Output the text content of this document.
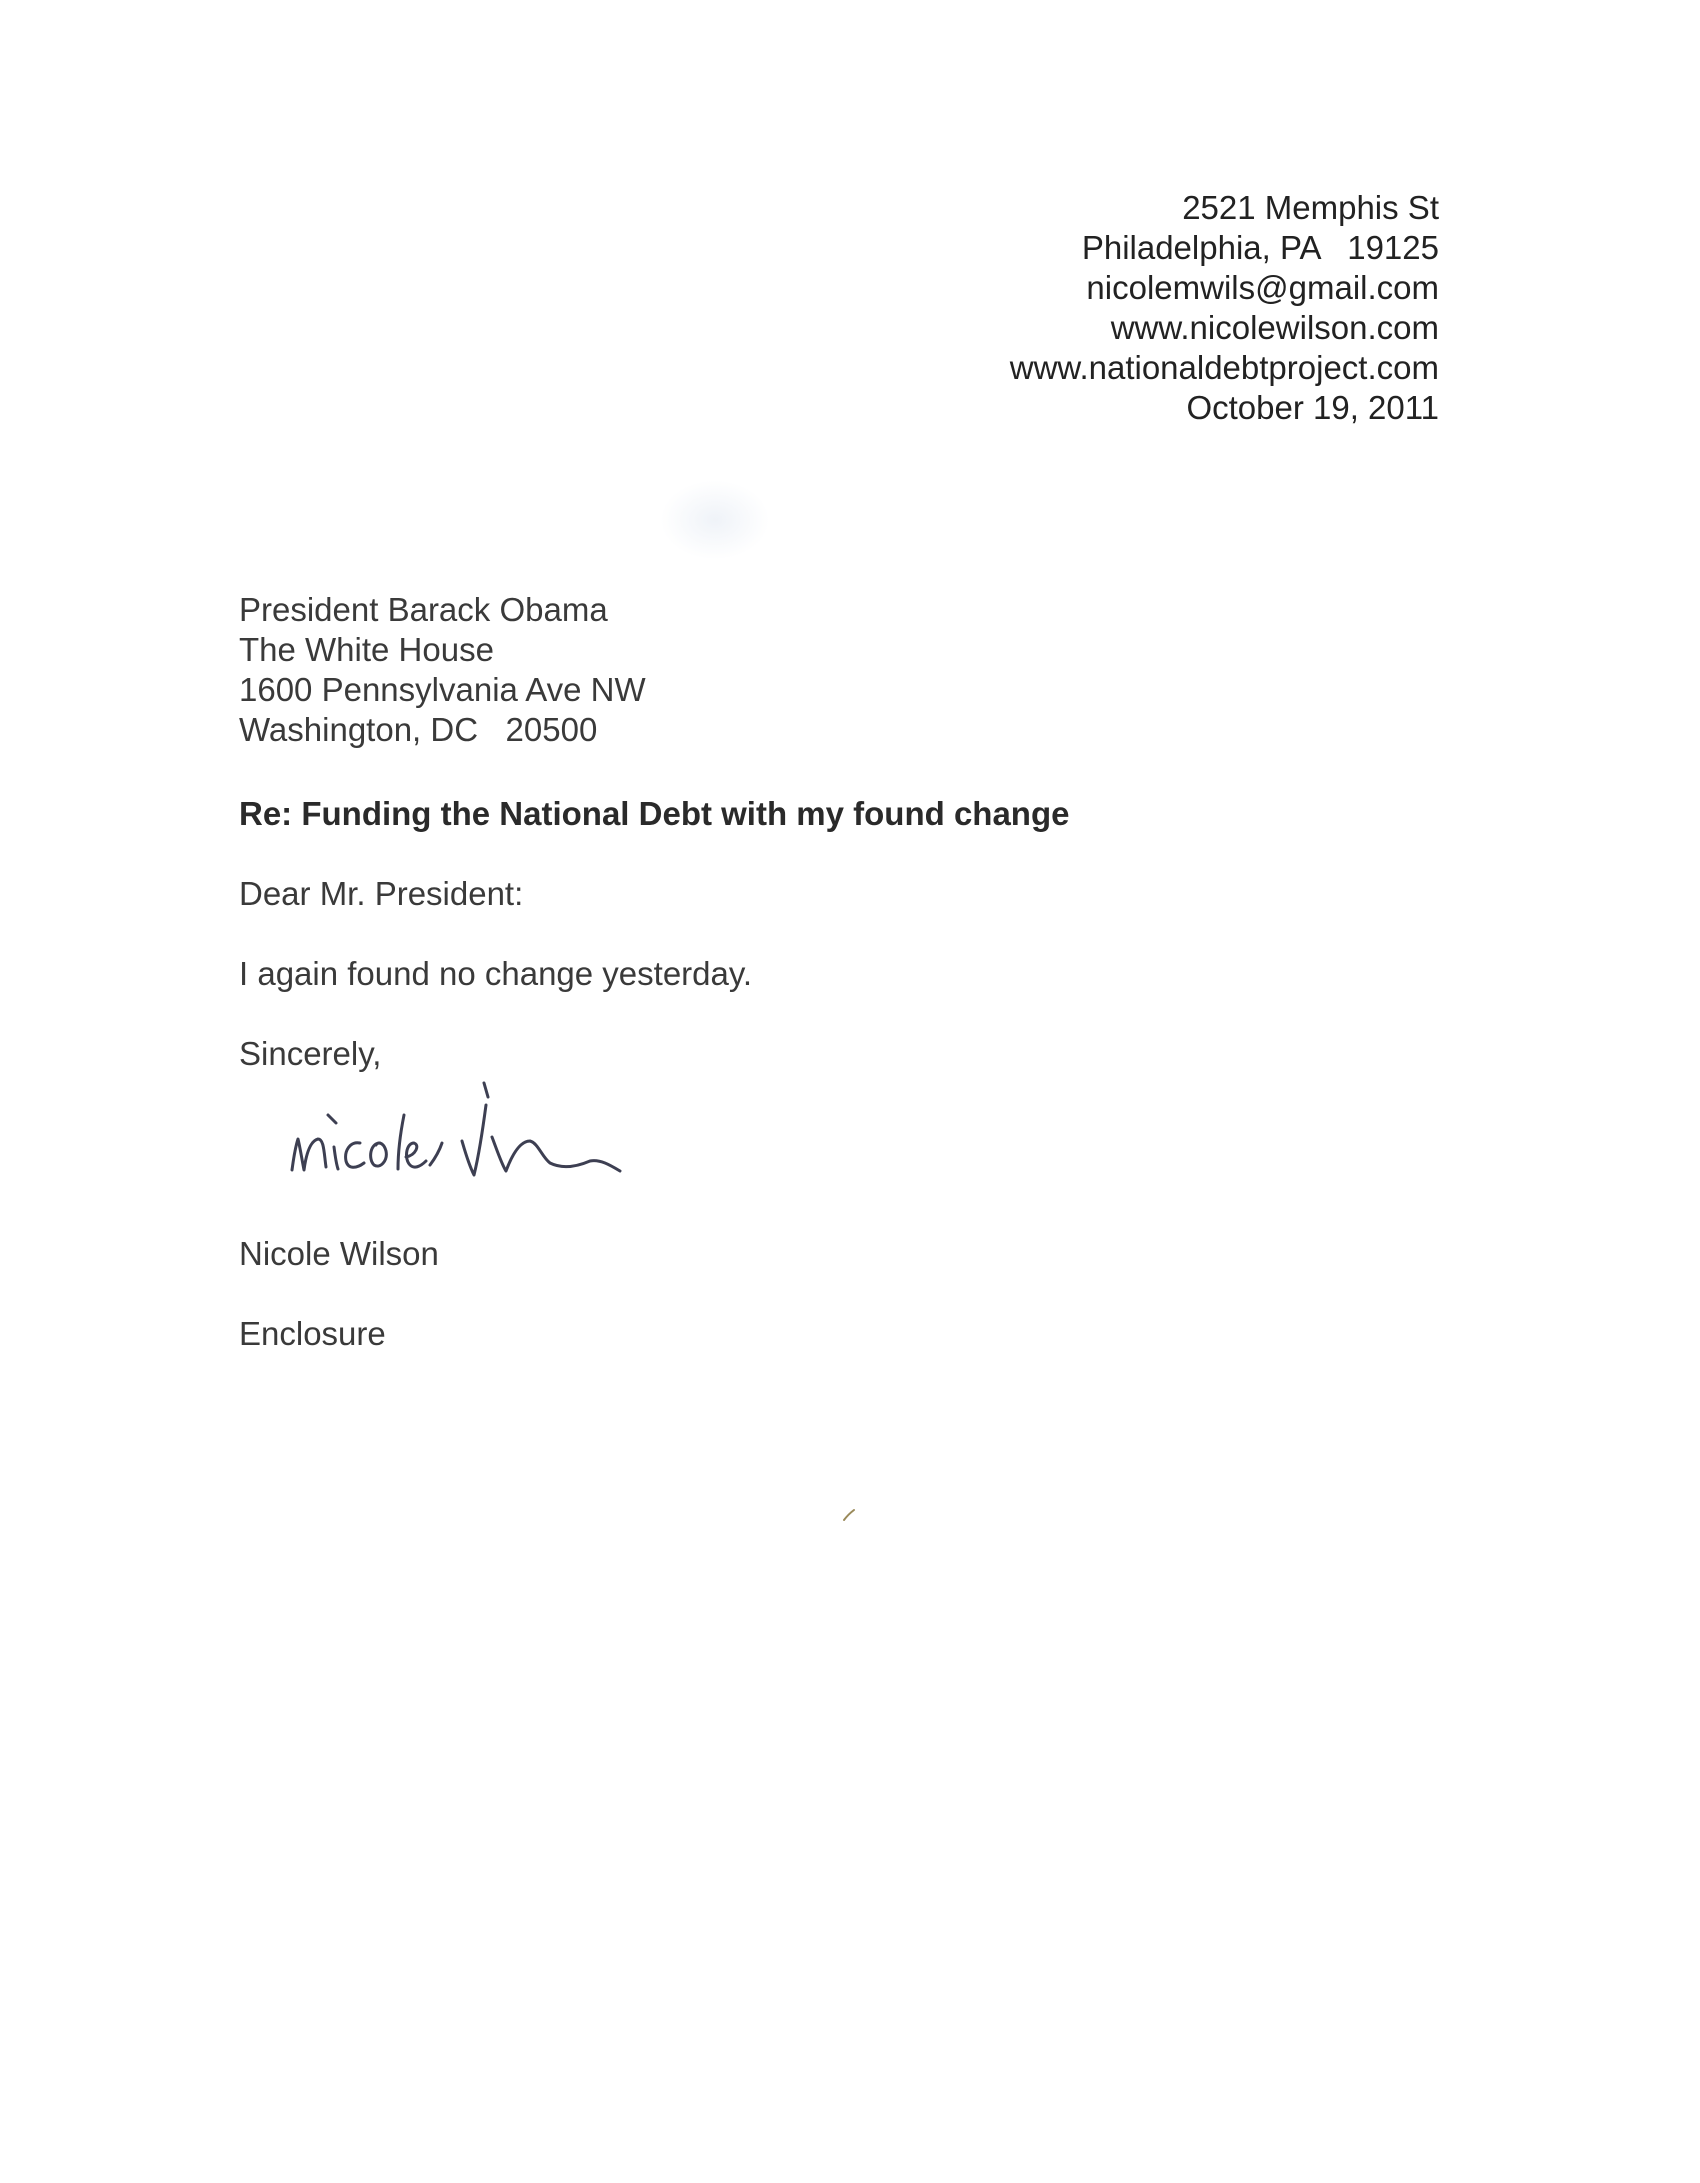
2521 Memphis St
Philadelphia, PA   19125
nicolemwils@gmail.com
www.nicolewilson.com
www.nationaldebtproject.com
October 19, 2011
President Barack Obama
The White House
1600 Pennsylvania Ave NW
Washington, DC   20500
Re: Funding the National Debt with my found change
Dear Mr. President:
I again found no change yesterday.
Sincerely,
Nicole Wilson
Enclosure
